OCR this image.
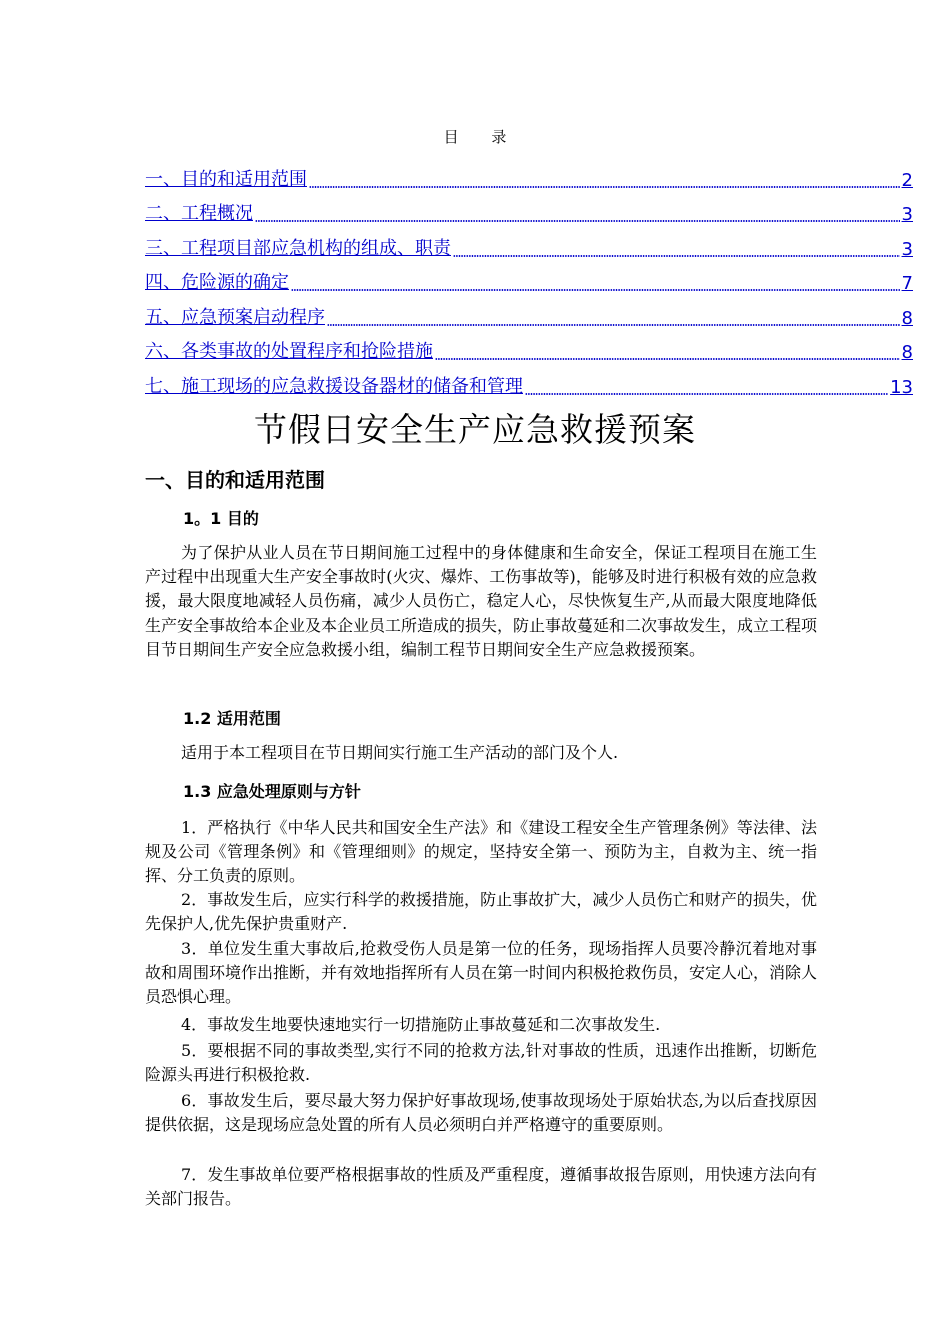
目 录
一、目的和适用范围	2
二、工程概况	3
三、工程项目部应急机构的组成、职责	3
四、危险源的确定	7
五、应急预案启动程序	8
六、各类事故的处置程序和抢险措施	8
七、施工现场的应急救援设备器材的储备和管理	13
节假日安全生产应急救援预案
一、目的和适用范围
1。1 目的

为了保护从业人员在节日期间施工过程中的身体健康和生命安全，保证工程项目在施工生产过程中出现重大生产安全事故时(火灾、爆炸、工伤事故等)，能够及时进行积极有效的应急救援，最大限度地减轻人员伤痛，减少人员伤亡，稳定人心，尽快恢复生产,从而最大限度地降低生产安全事故给本企业及本企业员工所造成的损失，防止事故蔓延和二次事故发生，成立工程项目节日期间生产安全应急救援小组，编制工程节日期间安全生产应急救援预案。

1.2 适用范围

适用于本工程项目在节日期间实行施工生产活动的部门及个人.

1.3 应急处理原则与方针

1．严格执行《中华人民共和国安全生产法》和《建设工程安全生产管理条例》等法律、法规及公司《管理条例》和《管理细则》的规定，坚持安全第一、预防为主，自救为主、统一指挥、分工负责的原则。

2．事故发生后，应实行科学的救援措施，防止事故扩大，减少人员伤亡和财产的损失，优先保护人,优先保护贵重财产.

3．单位发生重大事故后,抢救受伤人员是第一位的任务，现场指挥人员要冷静沉着地对事故和周围环境作出推断，并有效地指挥所有人员在第一时间内积极抢救伤员，安定人心，消除人员恐惧心理。

4．事故发生地要快速地实行一切措施防止事故蔓延和二次事故发生.

5．要根据不同的事故类型,实行不同的抢救方法,针对事故的性质，迅速作出推断，切断危险源头再进行积极抢救.

6．事故发生后，要尽最大努力保护好事故现场,使事故现场处于原始状态,为以后查找原因提供依据，这是现场应急处置的所有人员必须明白并严格遵守的重要原则。

7．发生事故单位要严格根据事故的性质及严重程度，遵循事故报告原则，用快速方法向有关部门报告。
